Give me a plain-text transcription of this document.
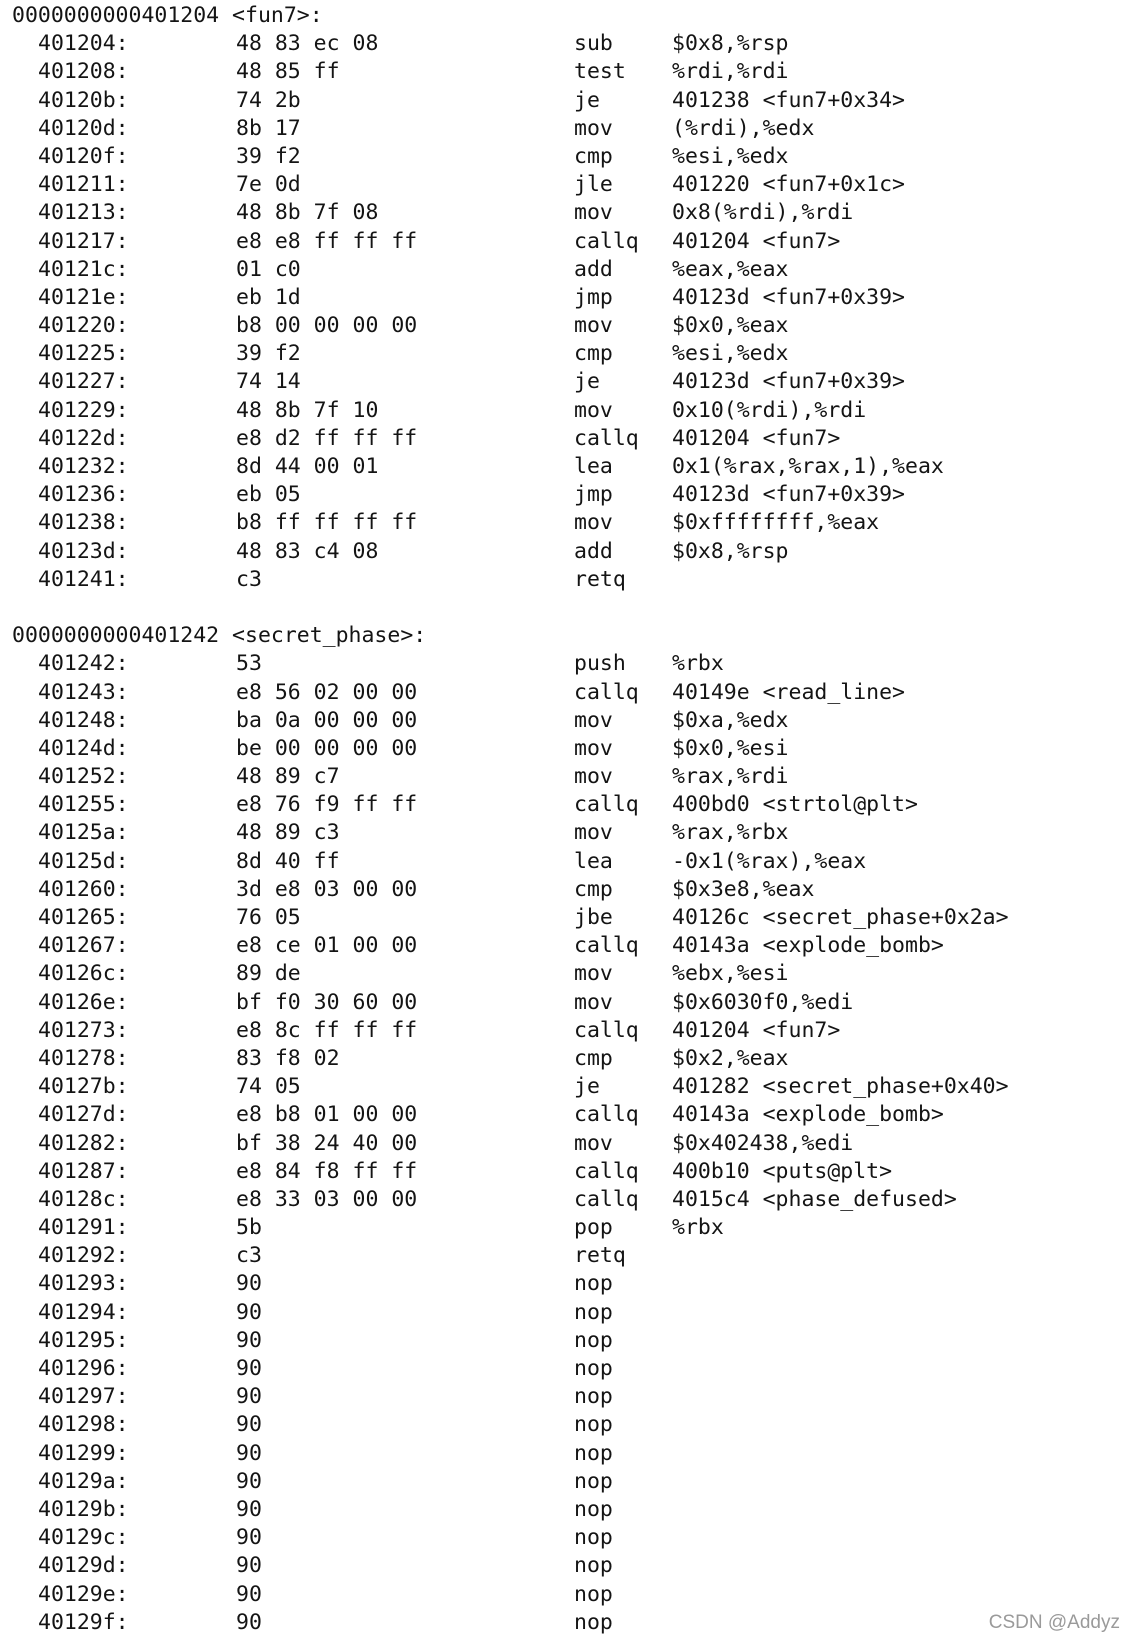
0000000000401204 <fun7>:
401204:	48 83 ec 08	sub	$0x8,%rsp
401208:	48 85 ff	test %rdi,%rdi
40120b:	74 2b	je	401238 <fun7+0x34>
40120d:	8b 17	mov	(%rdi),%edx
40120f:	39 f2	cmp	%esi,%edx
401211:	7e 0d	jle	401220 <fun7+0x1c>
401213:	48 8b 7f 08	mov	0x8(%rdi),%rdi
401217:	e8 e8 ff ff ff	callq 401204 <fun7>
40121c:	01 c0	add	%eax,%eax
40121e:	eb 1d	jmp	40123d <fun7+0x39>
401220:	b8 00 00 00 00	mov	$0x0,%eax
401225:	39 f2	cmp	%esi,%edx
401227:	74 14	je	40123d <fun7+0x39>
401229:	48 8b 7f 10	mov	0x10(%rdi),%rdi
40122d:	e8 d2 ff ff ff	callq 401204 <fun7>
401232:	8d 44 00 01	lea	0x1(%rax,%rax,1),%eax
401236:	eb 05	jmp	40123d <fun7+0x39>
401238:	b8 ff ff ff ff	mov	$0xffffffff,%eax
40123d:	48 83 c4 08	add	$0x8,%rsp
401241:	c3	retq
0000000000401242 <secret_phase>:
401242:	53	push %rbx
401243:	e8 56 02 00 00	callq 40149e <read_line>
401248:	ba 0a 00 00 00	mov	$0xa,%edx
40124d:	be 00 00 00 00	mov	$0x0,%esi
401252:	48 89 c7	mov	%rax,%rdi
401255:	e8 76 f9 ff ff	callq 400bd0 <strtol@plt>
40125a:	48 89 c3	mov	%rax,%rbx
40125d:	8d 40 ff	lea	-0x1(%rax),%eax
401260:	3d e8 03 00 00	cmp	$0x3e8,%eax
401265:	76 05	jbe	40126c <secret_phase+0x2a>
401267:	e8 ce 01 00 00	callq 40143a <explode_bomb>
40126c:	89 de	mov	%ebx,%esi
40126e:	bf f0 30 60 00	mov	$0x6030f0,%edi
401273:	e8 8c ff ff ff	callq 401204 <fun7>
401278:	83 f8 02	cmp	$0x2,%eax
40127b:	74 05	je	401282 <secret_phase+0x40>
40127d:	e8 b8 01 00 00	callq 40143a <explode_bomb>
401282:	bf 38 24 40 00	mov	$0x402438,%edi
401287:	e8 84 f8 ff ff	callq 400b10 <puts@plt>
40128c:	e8 33 03 00 00	callq 4015c4 <phase_defused>
401291:	5b	pop	%rbx
401292:	c3	retq
401293:	90	nop
401294:	90	nop
401295:	90	nop
401296:	90	nop
401297:	90	nop
401298:	90	nop
401299:	90	nop
40129a:	90	nop
40129b:	90	nop
40129c:	90	nop
40129d:	90	nop
40129e:	90	nop
40129f:	90	nop	CSDN @Addyz
